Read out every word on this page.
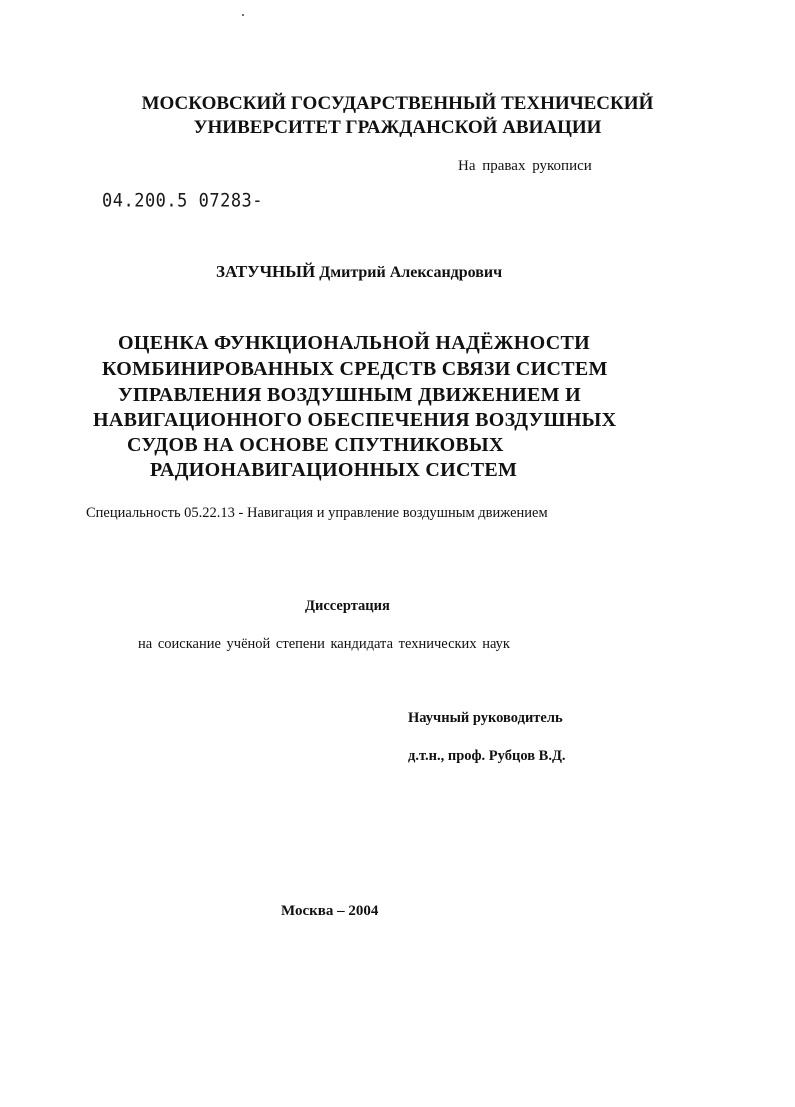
МОСКОВСКИЙ ГОСУДАРСТВЕННЫЙ ТЕХНИЧЕСКИЙ
УНИВЕРСИТЕТ ГРАЖДАНСКОЙ АВИАЦИИ
На правах рукописи
04.200.5 07283-
ЗАТУЧНЫЙ Дмитрий Александрович
ОЦЕНКА ФУНКЦИОНАЛЬНОЙ НАДЁЖНОСТИ
КОМБИНИРОВАННЫХ СРЕДСТВ СВЯЗИ СИСТЕМ
УПРАВЛЕНИЯ ВОЗДУШНЫМ ДВИЖЕНИЕМ И
НАВИГАЦИОННОГО ОБЕСПЕЧЕНИЯ ВОЗДУШНЫХ
СУДОВ НА ОСНОВЕ СПУТНИКОВЫХ
РАДИОНАВИГАЦИОННЫХ СИСТЕМ
Специальность 05.22.13 - Навигация и управление воздушным движением
Диссертация
на соискание учёной степени кандидата технических наук
Научный руководитель
д.т.н., проф. Рубцов В.Д.
Москва – 2004
